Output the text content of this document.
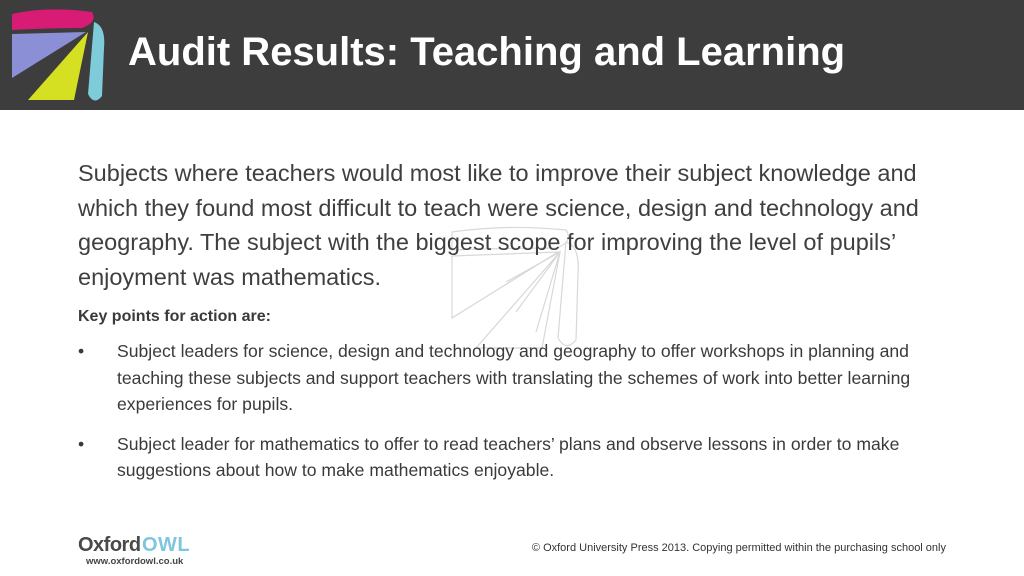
Audit Results: Teaching and Learning

Subjects where teachers would most like to improve their subject knowledge and which they found most difficult to teach were science, design and technology and geography. The subject with the biggest scope for improving the level of pupils’ enjoyment was mathematics.

Key points for action are:
• Subject leaders for science, design and technology and geography to offer workshops in planning and teaching these subjects and support teachers with translating the schemes of work into better learning experiences for pupils.
• Subject leader for mathematics to offer to read teachers’ plans and observe lessons in order to make suggestions about how to make mathematics enjoyable.
Oxford OWL
www.oxfordowl.co.uk
© Oxford University Press 2013. Copying permitted within the purchasing school only
